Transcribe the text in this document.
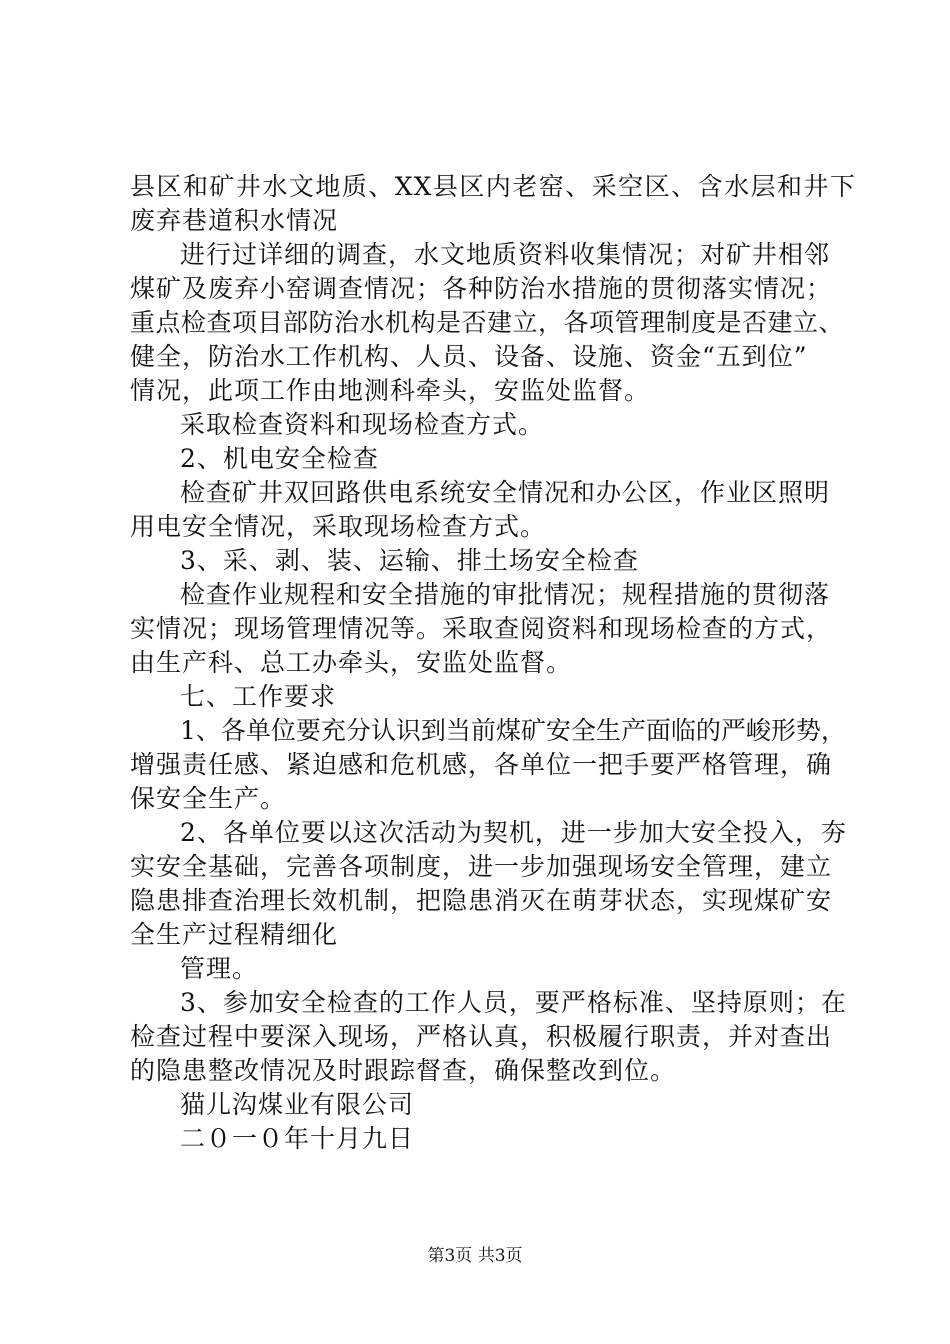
县区和矿井水文地质、XX县区内老窑、采空区、含水层和井下
废弃巷道积水情况
进行过详细的调查，水文地质资料收集情况；对矿井相邻
煤矿及废弃小窑调查情况；各种防治水措施的贯彻落实情况；
重点检查项目部防治水机构是否建立，各项管理制度是否建立、
健全，防治水工作机构、人员、设备、设施、资金“五到位”
情况，此项工作由地测科牵头，安监处监督。
采取检查资料和现场检查方式。
2、机电安全检查
检查矿井双回路供电系统安全情况和办公区，作业区照明
用电安全情况，采取现场检查方式。
3、采、剥、装、运输、排土场安全检查
检查作业规程和安全措施的审批情况；规程措施的贯彻落
实情况；现场管理情况等。采取查阅资料和现场检查的方式，
由生产科、总工办牵头，安监处监督。
七、工作要求
1、各单位要充分认识到当前煤矿安全生产面临的严峻形势，
增强责任感、紧迫感和危机感，各单位一把手要严格管理，确
保安全生产。
2、各单位要以这次活动为契机，进一步加大安全投入，夯
实安全基础，完善各项制度，进一步加强现场安全管理，建立
隐患排查治理长效机制，把隐患消灭在萌芽状态，实现煤矿安
全生产过程精细化
管理。
3、参加安全检查的工作人员，要严格标准、坚持原则；在
检查过程中要深入现场，严格认真，积极履行职责，并对查出
的隐患整改情况及时跟踪督查，确保整改到位。
猫儿沟煤业有限公司
二０一０年十月九日
第3页 共3页
